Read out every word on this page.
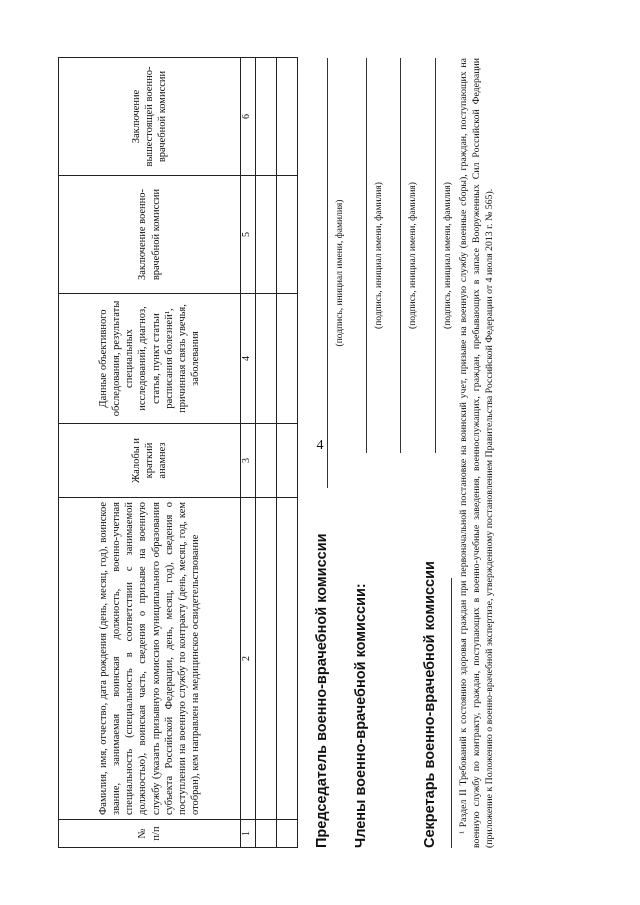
4
№ п/п	Фамилия, имя, отчество, дата рождения (день, месяц, год), воинское звание, занимаемая воинская должность, военно-учетная специальность (специальность в соответствии с занимаемой должностью), воинская часть, сведения о призыве на военную службу (указать призывную комиссию муниципального образования субъекта Российской Федерации, день, месяц, год), сведения о поступлении на военную службу по контракту (день, месяц, год, кем отобран), кем направлен на медицинское освидетельствование	Жалобы и краткий анамнез	Данные объективного обследования, результаты специальных исследований, диагноз, статья, пункт статьи расписания болезней¹, причинная связь увечья, заболевания	Заключение военно-врачебной комиссии	Заключение вышестоящей военно-врачебной комиссии
1	2	3	4	5	6

Председатель военно-врачебной комиссии
(подпись, инициал имени, фамилия)
Члены военно-врачебной комиссии:
(подпись, инициал имени, фамилия)	(подпись, инициал имени, фамилия)
Секретарь военно-врачебной комиссии
(подпись, инициал имени, фамилия) ¹ Раздел II Требований к состоянию здоровья граждан при первоначальной постановке на воинский учет, призыве на военную службу (военные сборы), граждан, поступающих на военную службу по контракту, граждан, поступающих в военно-учебные заведения, военнослужащих, граждан, пребывающих в запасе Вооруженных Сил Российской Федерации (приложение к Положению о военно-врачебной экспертизе, утвержденному постановлением Правительства Российской Федерации от 4 июля 2013 г. № 565).
